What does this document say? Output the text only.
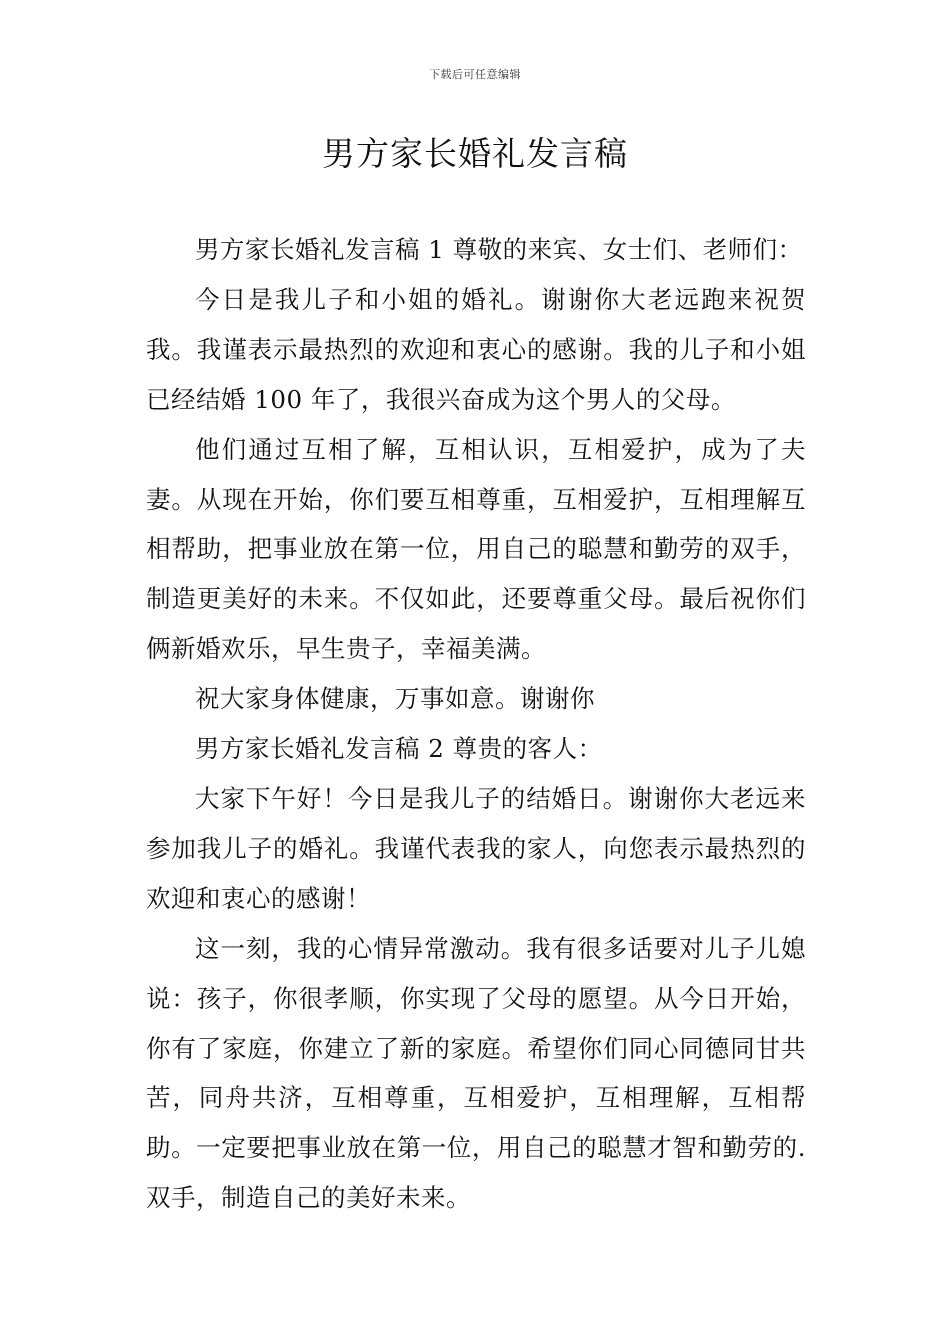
下载后可任意编辑
男方家长婚礼发言稿

男方家长婚礼发言稿 1 尊敬的来宾、女士们、老师们：

今日是我儿子和小姐的婚礼。谢谢你大老远跑来祝贺我。我谨表示最热烈的欢迎和衷心的感谢。我的儿子和小姐已经结婚 100 年了，我很兴奋成为这个男人的父母。

他们通过互相了解，互相认识，互相爱护，成为了夫妻。从现在开始，你们要互相尊重，互相爱护，互相理解互相帮助，把事业放在第一位，用自己的聪慧和勤劳的双手，制造更美好的未来。不仅如此，还要尊重父母。最后祝你们俩新婚欢乐，早生贵子，幸福美满。

祝大家身体健康，万事如意。谢谢你

男方家长婚礼发言稿 2 尊贵的客人：

大家下午好！今日是我儿子的结婚日。谢谢你大老远来参加我儿子的婚礼。我谨代表我的家人，向您表示最热烈的欢迎和衷心的感谢！

这一刻，我的心情异常激动。我有很多话要对儿子儿媳说：孩子，你很孝顺，你实现了父母的愿望。从今日开始，你有了家庭，你建立了新的家庭。希望你们同心同德同甘共苦，同舟共济，互相尊重，互相爱护，互相理解，互相帮助。一定要把事业放在第一位，用自己的聪慧才智和勤劳的.双手，制造自己的美好未来。
